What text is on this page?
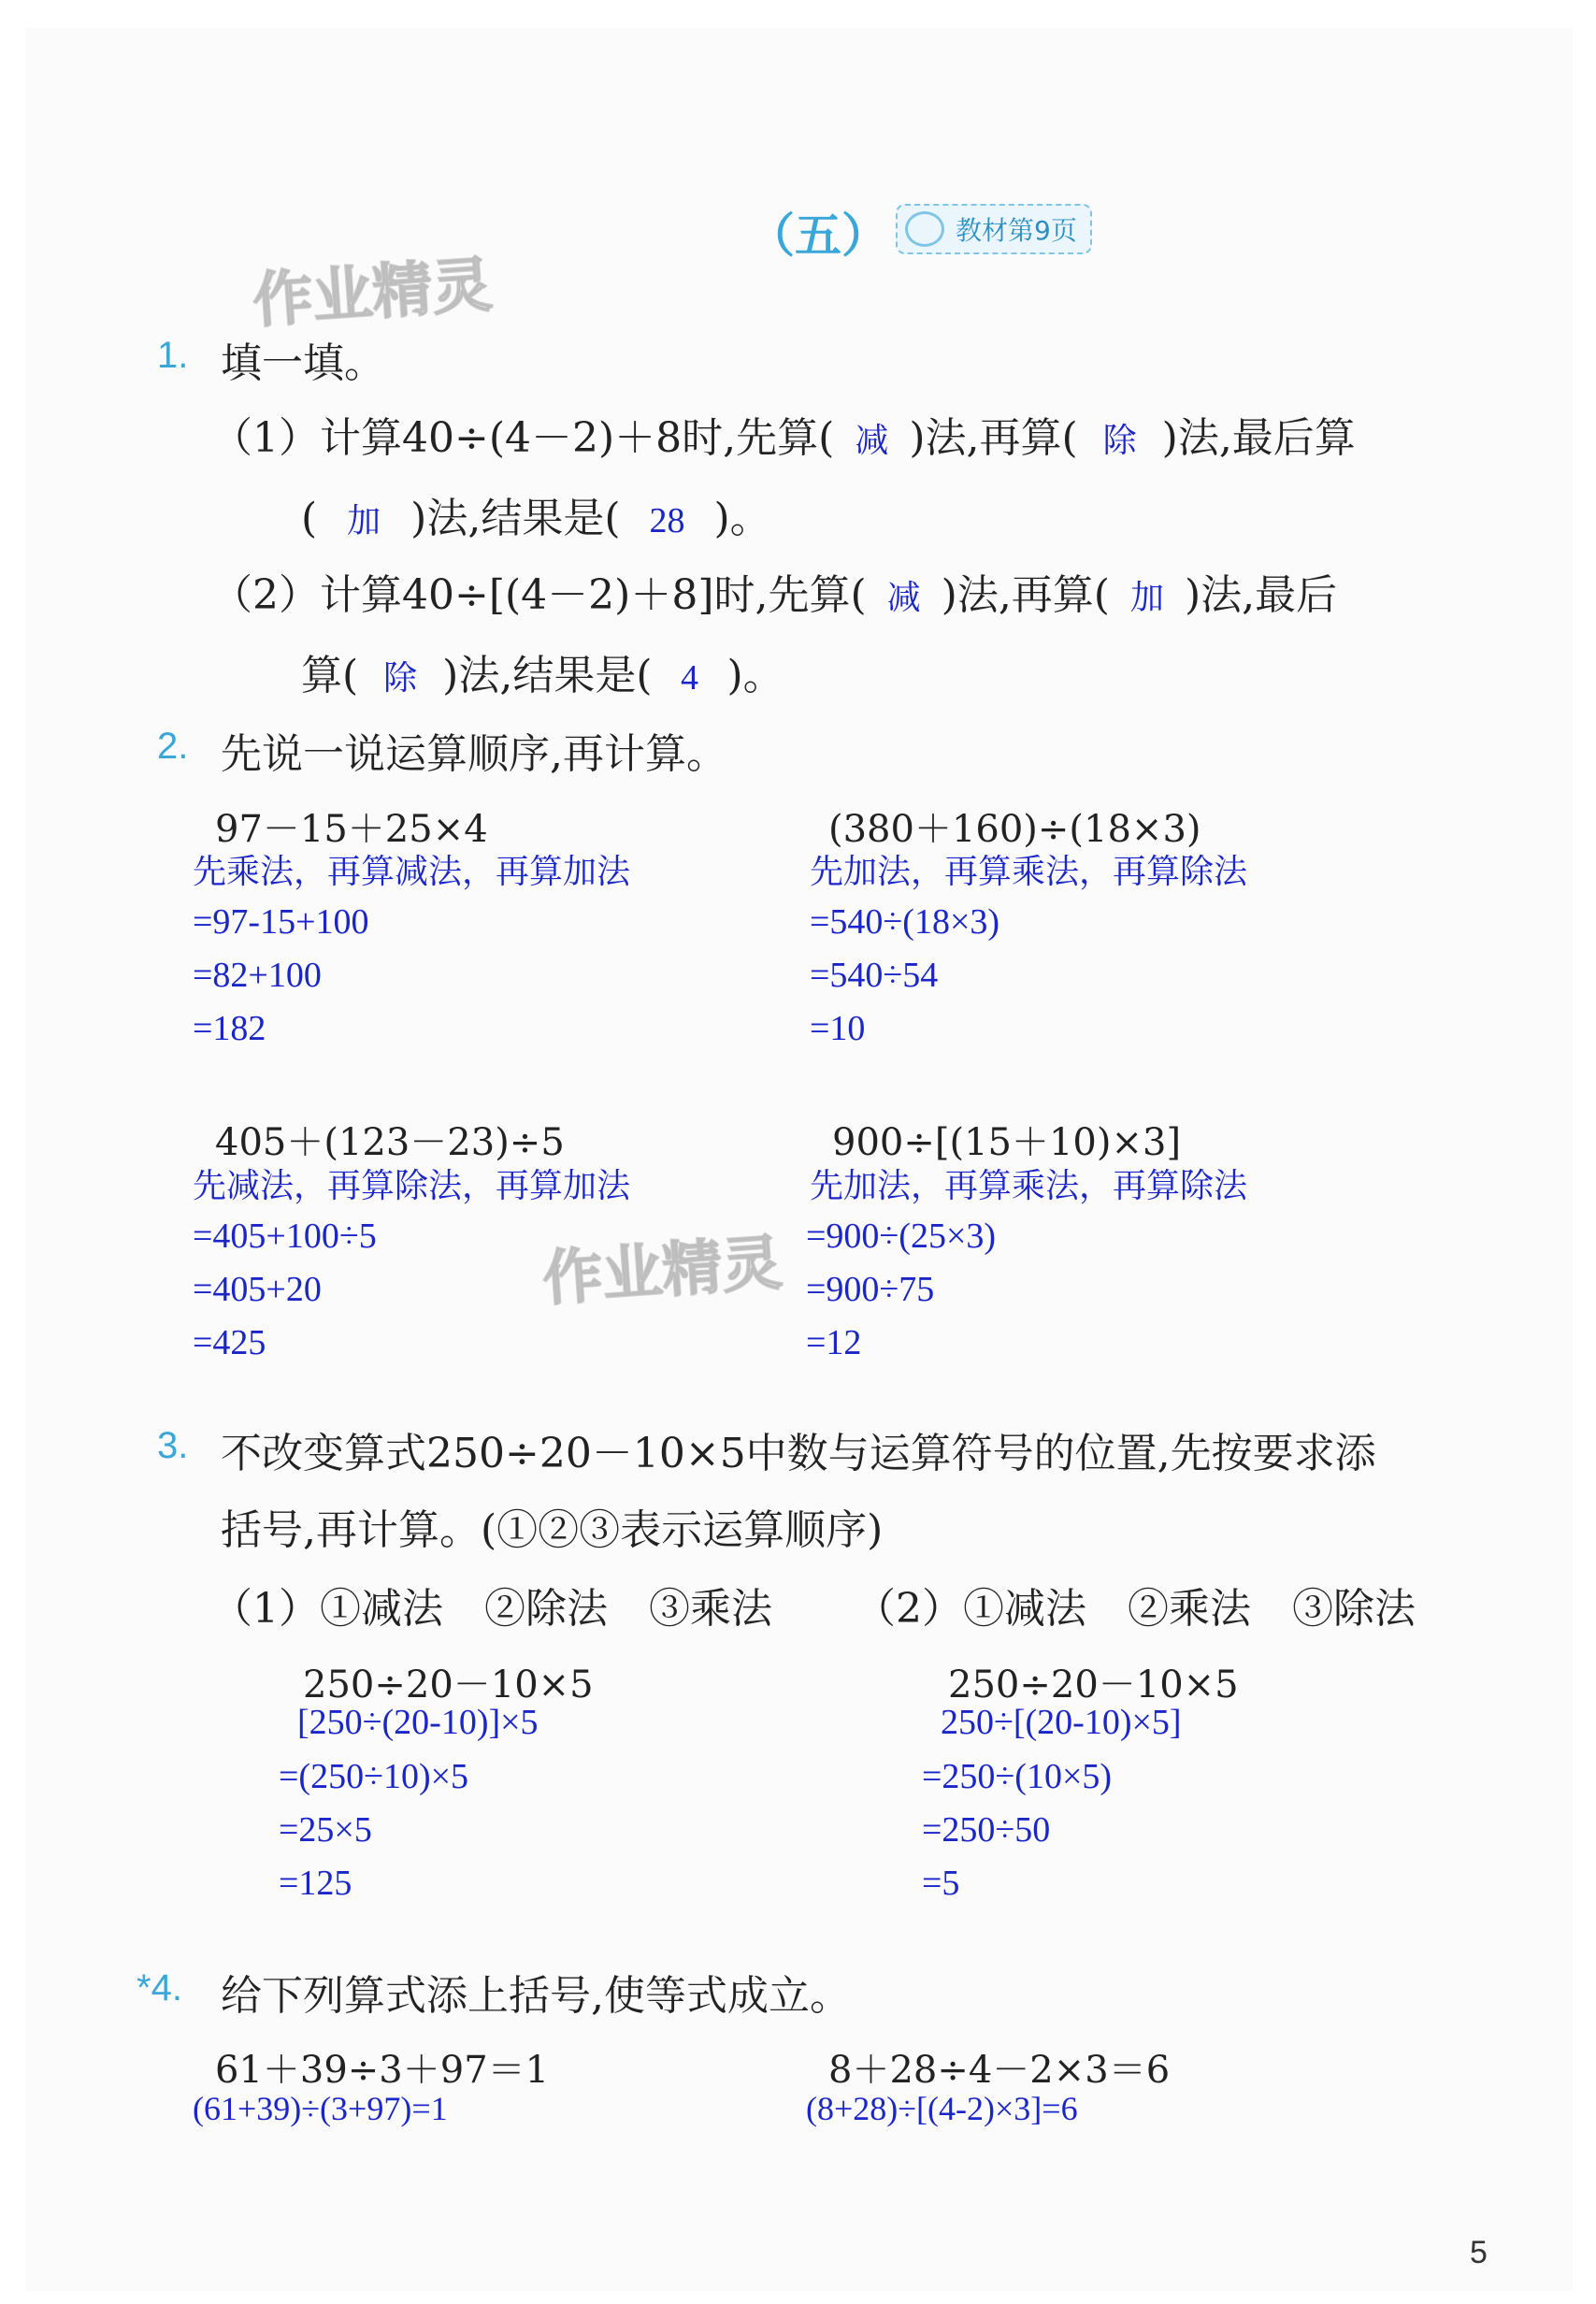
（五）	教材第9页
作业精灵
作业精灵
1. 填一填。
（1）计算40÷(4－2)＋8时,先算( 减 )法,再算( 除 )法,最后算
( 加 )法,结果是( 28 )。
（2）计算40÷[(4－2)＋8]时,先算( 减 )法,再算( 加 )法,最后
算( 除 )法,结果是( 4 )。
2. 先说一说运算顺序,再计算。
97－15＋25×4
先乘法，再算减法，再算加法
=97-15+100
=82+100
=182
(380＋160)÷(18×3)
先加法，再算乘法，再算除法
=540÷(18×3)
=540÷54
=10
405＋(123－23)÷5
先减法，再算除法，再算加法
=405+100÷5
=405+20
=425
900÷[(15＋10)×3]
先加法，再算乘法，再算除法
=900÷(25×3)
=900÷75
=12
3. 不改变算式250÷20－10×5中数与运算符号的位置,先按要求添
括号,再计算。(①②③表示运算顺序)
（1）①减法　②除法　③乘法 （2）①减法　②乘法　③除法
250÷20－10×5
[250÷(20-10)]×5
=(250÷10)×5
=25×5
=125
250÷20－10×5
250÷[(20-10)×5]
=250÷(10×5)
=250÷50
=5
*4. 给下列算式添上括号,使等式成立。
61＋39÷3＋97＝1
(61+39)÷(3+97)=1
8＋28÷4－2×3＝6
(8+28)÷[(4-2)×3]=6
5
